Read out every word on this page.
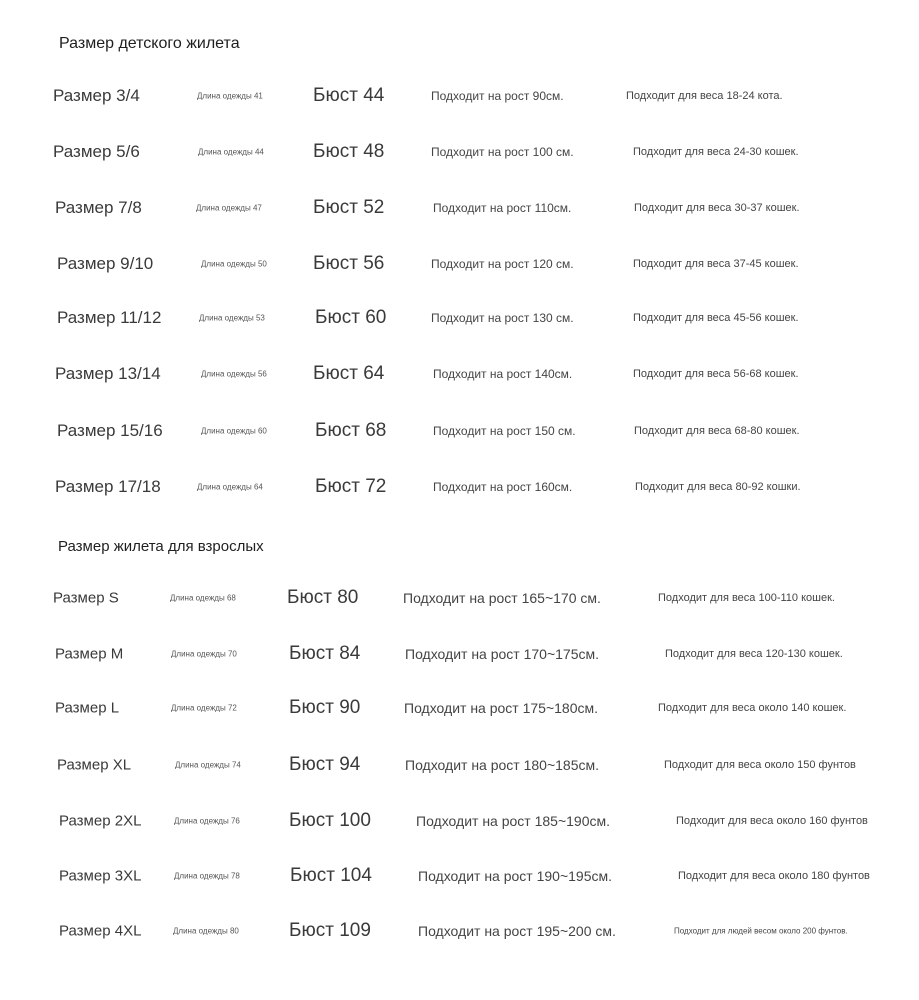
Размер детского жилета
Размер 3/4	Длина одежды 41	Бюст 44	Подходит на рост 90см.	Подходит для веса 18-24 кота.
Размер 5/6	Длина одежды 44	Бюст 48	Подходит на рост 100 см.	Подходит для веса 24-30 кошек.
Размер 7/8	Длина одежды 47	Бюст 52	Подходит на рост 110см.	Подходит для веса 30-37 кошек.
Размер 9/10	Длина одежды 50 Бюст 56	Подходит на рост 120 см.	Подходит для веса 37-45 кошек.
Размер 11/12	Длина одежды 53	Бюст 60	Подходит на рост 130 см.	Подходит для веса 45-56 кошек.
Размер 13/14	Длина одежды 56 Бюст 64	Подходит на рост 140см.	Подходит для веса 56-68 кошек.
Размер 15/16	Длина одежды 60	Бюст 68	Подходит на рост 150 см.	Подходит для веса 68-80 кошек.
Размер 17/18	Длина одежды 64	Бюст 72	Подходит на рост 160см.	Подходит для веса 80-92 кошки.
Размер жилета для взрослых
Размер S	Длина одежды 68	Бюст 80	Подходит на рост 165~170 см.	Подходит для веса 100-110 кошек.
Размер M	Длина одежды 70	Бюст 84	Подходит на рост 170~175см.	Подходит для веса 120-130 кошек.
Размер L	Длина одежды 72	Бюст 90	Подходит на рост 175~180см.	Подходит для веса около 140 кошек.
Размер XL	Длина одежды 74	Бюст 94	Подходит на рост 180~185см.	Подходит для веса около 150 фунтов
Размер 2XL	Длина одежды 76	Бюст 100	Подходит на рост 185~190см.	Подходит для веса около 160 фунтов
Размер 3XL	Длина одежды 78	Бюст 104	Подходит на рост 190~195см.	Подходит для веса около 180 фунтов
Размер 4XL	Длина одежды 80	Бюст 109	Подходит на рост 195~200 см.	Подходит для людей весом около 200 фунтов.
